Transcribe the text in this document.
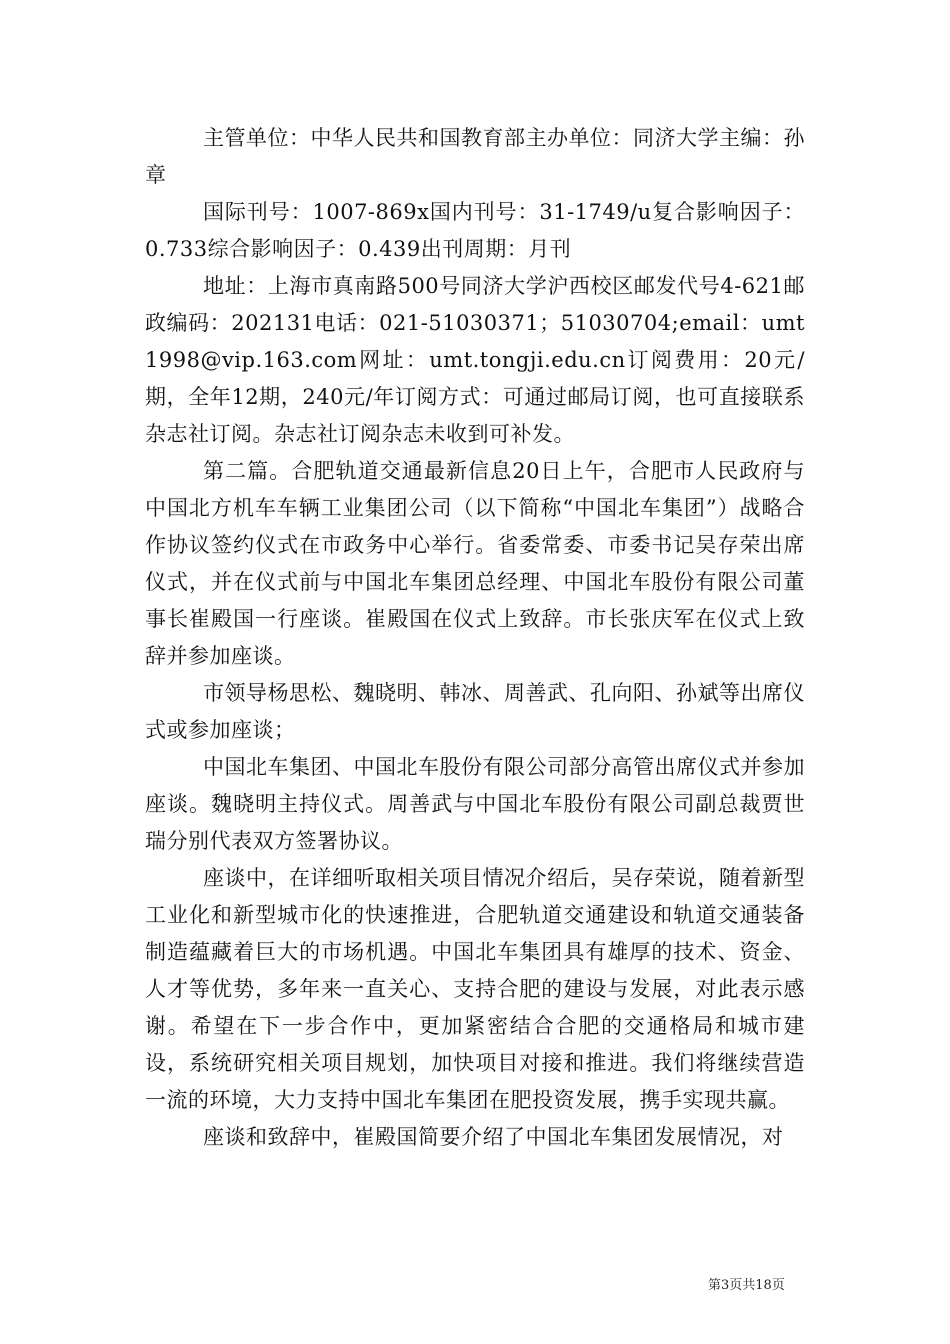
主管单位：中华人民共和国教育部主办单位：同济大学主编：孙章

国际刊号：1007-869x国内刊号：31-1749/u复合影响因子：0.733综合影响因子：0.439出刊周期：月刊

地址：上海市真南路500号同济大学沪西校区邮发代号4-621邮政编码：202131电话：021-51030371；51030704;email：umt1998@vip.163.com网址：umt.tongji.edu.cn订阅费用：20元/期，全年12期，240元/年订阅方式：可通过邮局订阅，也可直接联系杂志社订阅。杂志社订阅杂志未收到可补发。

第二篇。合肥轨道交通最新信息20日上午，合肥市人民政府与中国北方机车车辆工业集团公司（以下简称“中国北车集团”）战略合作协议签约仪式在市政务中心举行。省委常委、市委书记吴存荣出席仪式，并在仪式前与中国北车集团总经理、中国北车股份有限公司董事长崔殿国一行座谈。崔殿国在仪式上致辞。市长张庆军在仪式上致辞并参加座谈。

市领导杨思松、魏晓明、韩冰、周善武、孔向阳、孙斌等出席仪式或参加座谈；

中国北车集团、中国北车股份有限公司部分高管出席仪式并参加座谈。魏晓明主持仪式。周善武与中国北车股份有限公司副总裁贾世瑞分别代表双方签署协议。

座谈中，在详细听取相关项目情况介绍后，吴存荣说，随着新型工业化和新型城市化的快速推进，合肥轨道交通建设和轨道交通装备制造蕴藏着巨大的市场机遇。中国北车集团具有雄厚的技术、资金、人才等优势，多年来一直关心、支持合肥的建设与发展，对此表示感谢。希望在下一步合作中，更加紧密结合合肥的交通格局和城市建设，系统研究相关项目规划，加快项目对接和推进。我们将继续营造一流的环境，大力支持中国北车集团在肥投资发展，携手实现共赢。

座谈和致辞中，崔殿国简要介绍了中国北车集团发展情况，对

第3页共18页
